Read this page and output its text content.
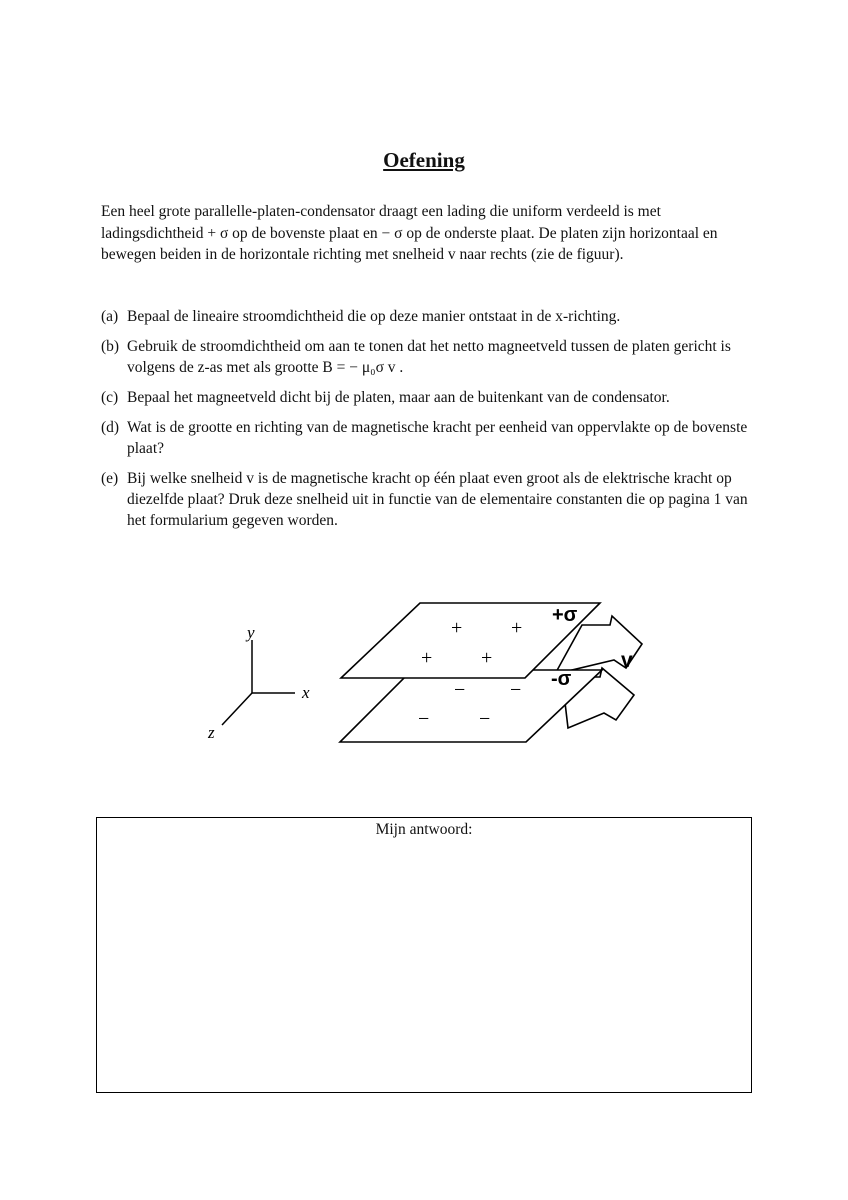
Oefening

Een heel grote parallelle-platen-condensator draagt een lading die uniform verdeeld is met ladingsdichtheid + σ op de bovenste plaat en − σ op de onderste plaat. De platen zijn horizontaal en bewegen beiden in de horizontale richting met snelheid v naar rechts (zie de figuur).

(a) Bepaal de lineaire stroomdichtheid die op deze manier ontstaat in de x-richting.
(b) Gebruik de stroomdichtheid om aan te tonen dat het netto magneetveld tussen de platen gericht is volgens de z-as met als grootte B = − μ₀σ v .
(c) Bepaal het magneetveld dicht bij de platen, maar aan de buitenkant van de condensator.
(d) Wat is de grootte en richting van de magnetische kracht per eenheid van oppervlakte op de bovenste plaat?
(e) Bij welke snelheid v is de magnetische kracht op één plaat even groot als de elektrische kracht op diezelfde plaat? Druk deze snelheid uit in functie van de elementaire constanten die op pagina 1 van het formularium gegeven worden.
y
x
z
− −
− −
+ +
+ +
+σ
-σ
v
Mijn antwoord:
